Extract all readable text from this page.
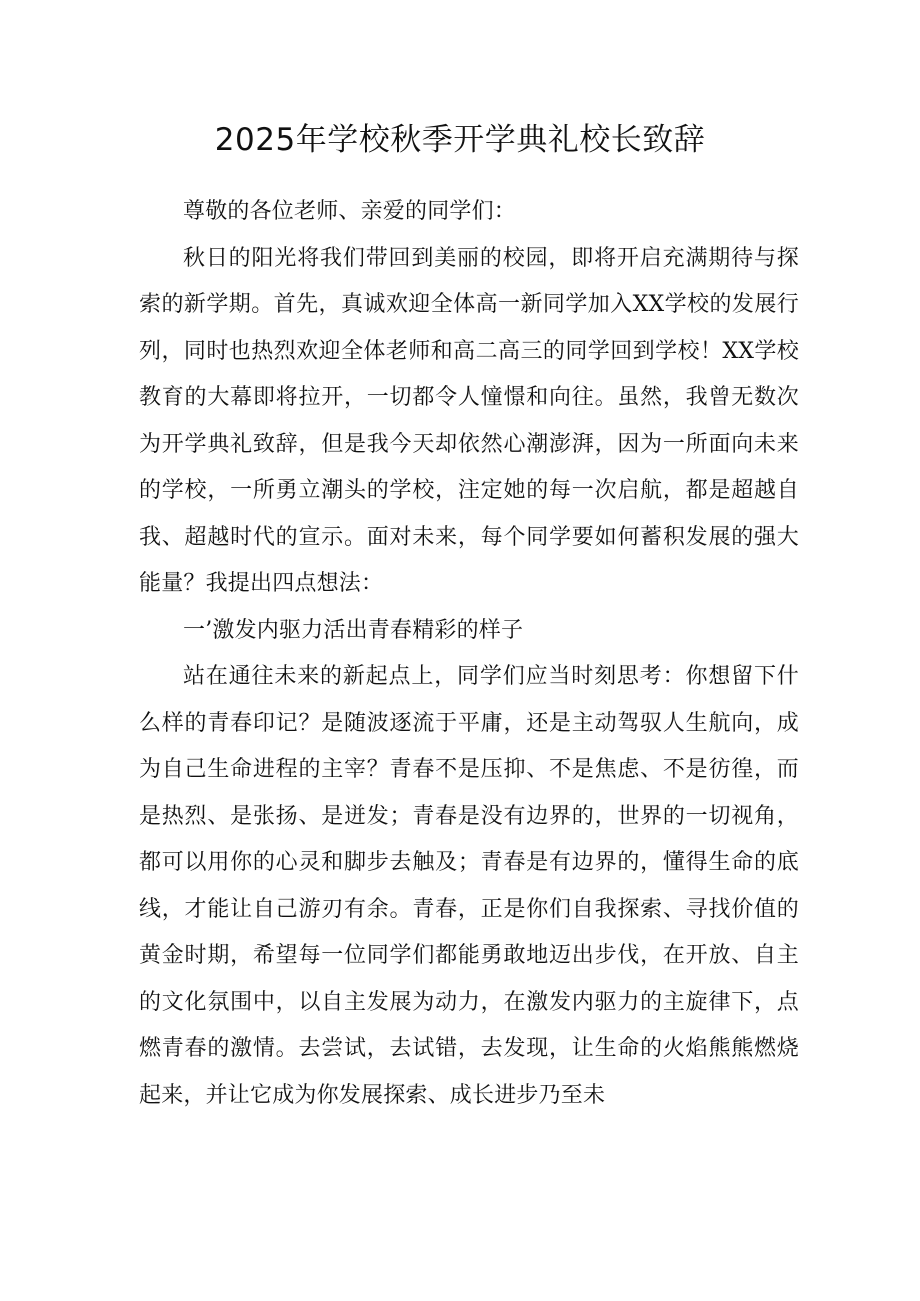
2025年学校秋季开学典礼校长致辞

尊敬的各位老师、亲爱的同学们：

秋日的阳光将我们带回到美丽的校园，即将开启充满期待与探索的新学期。首先，真诚欢迎全体高一新同学加入XX学校的发展行列，同时也热烈欢迎全体老师和高二高三的同学回到学校！XX学校教育的大幕即将拉开，一切都令人憧憬和向往。虽然，我曾无数次为开学典礼致辞，但是我今天却依然心潮澎湃，因为一所面向未来的学校，一所勇立潮头的学校，注定她的每一次启航，都是超越自我、超越时代的宣示。面对未来，每个同学要如何蓄积发展的强大能量？我提出四点想法：

一’激发内驱力活出青春精彩的样子

站在通往未来的新起点上，同学们应当时刻思考：你想留下什么样的青春印记？是随波逐流于平庸，还是主动驾驭人生航向，成为自己生命进程的主宰？青春不是压抑、不是焦虑、不是彷徨，而是热烈、是张扬、是迸发；青春是没有边界的，世界的一切视角，都可以用你的心灵和脚步去触及；青春是有边界的，懂得生命的底线，才能让自己游刃有余。青春，正是你们自我探索、寻找价值的黄金时期，希望每一位同学们都能勇敢地迈出步伐，在开放、自主的文化氛围中，以自主发展为动力，在激发内驱力的主旋律下，点燃青春的激情。去尝试，去试错，去发现，让生命的火焰熊熊燃烧起来，并让它成为你发展探索、成长进步乃至未
